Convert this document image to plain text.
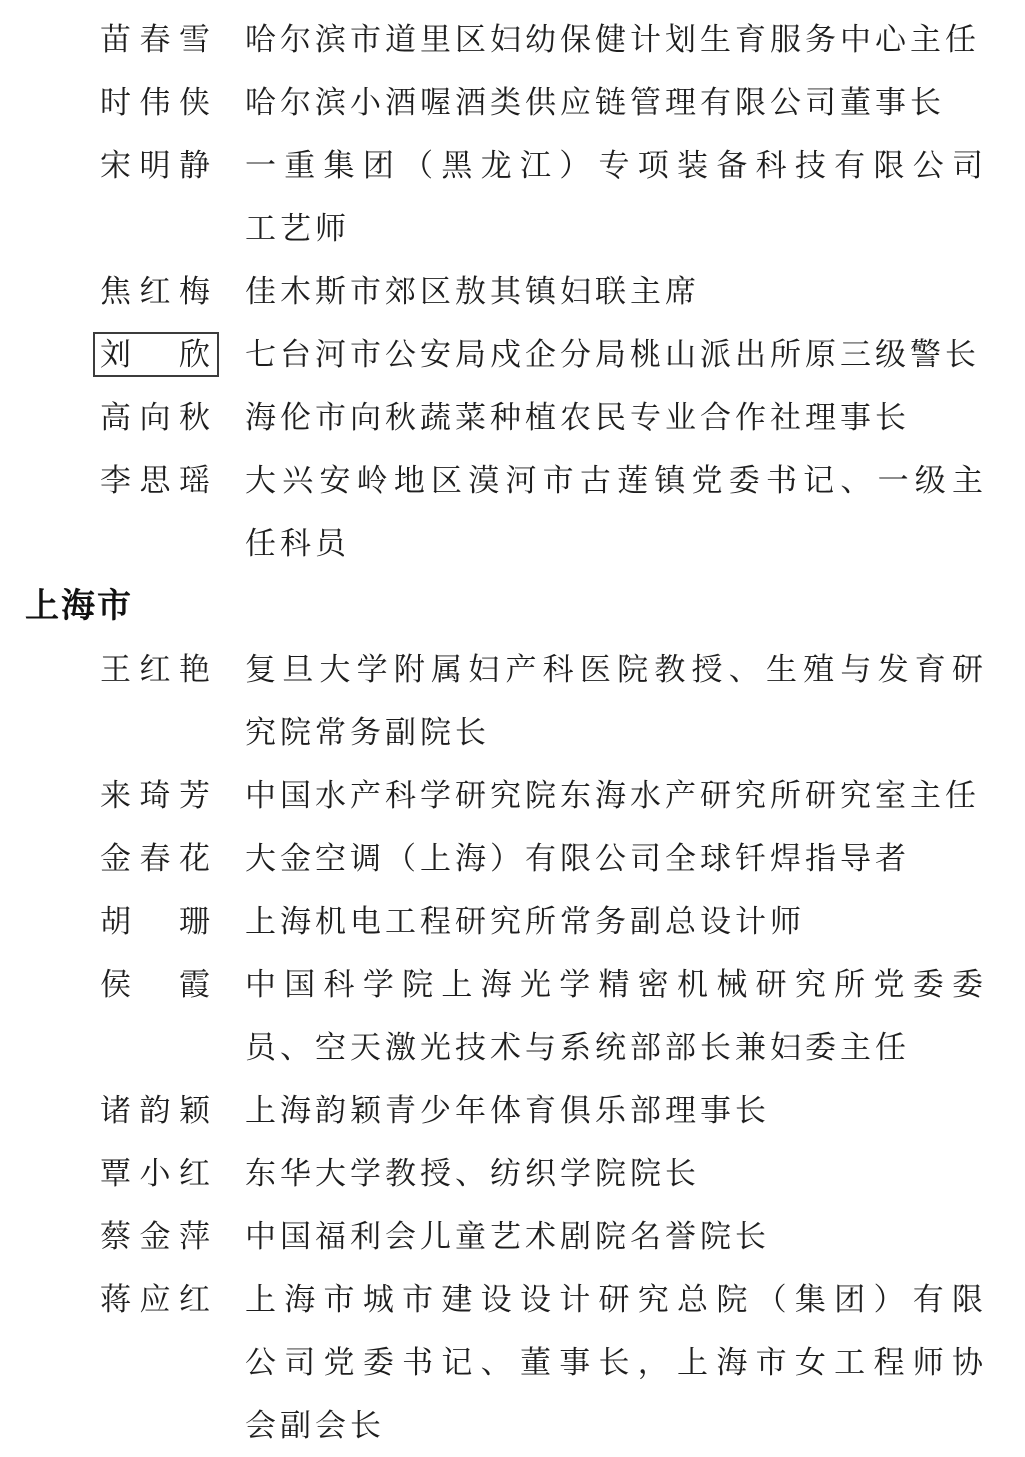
苗春雪 哈尔滨市道里区妇幼保健计划生育服务中心主任
时伟侠 哈尔滨小酒喔酒类供应链管理有限公司董事长
宋明静 一重集团（黑龙江）专项装备科技有限公司
工艺师
焦红梅 佳木斯市郊区敖其镇妇联主席
刘欣 七台河市公安局戍企分局桃山派出所原三级警长
高向秋 海伦市向秋蔬菜种植农民专业合作社理事长
李思瑶 大兴安岭地区漠河市古莲镇党委书记、一级主
任科员
上海市
王红艳 复旦大学附属妇产科医院教授、生殖与发育研
究院常务副院长
来琦芳 中国水产科学研究院东海水产研究所研究室主任
金春花 大金空调（上海）有限公司全球钎焊指导者
胡珊 上海机电工程研究所常务副总设计师
侯霞 中国科学院上海光学精密机械研究所党委委
员、空天激光技术与系统部部长兼妇委主任
诸韵颖 上海韵颖青少年体育俱乐部理事长
覃小红 东华大学教授、纺织学院院长
蔡金萍 中国福利会儿童艺术剧院名誉院长
蒋应红 上海市城市建设设计研究总院（集团）有限
公司党委书记、董事长，上海市女工程师协
会副会长
